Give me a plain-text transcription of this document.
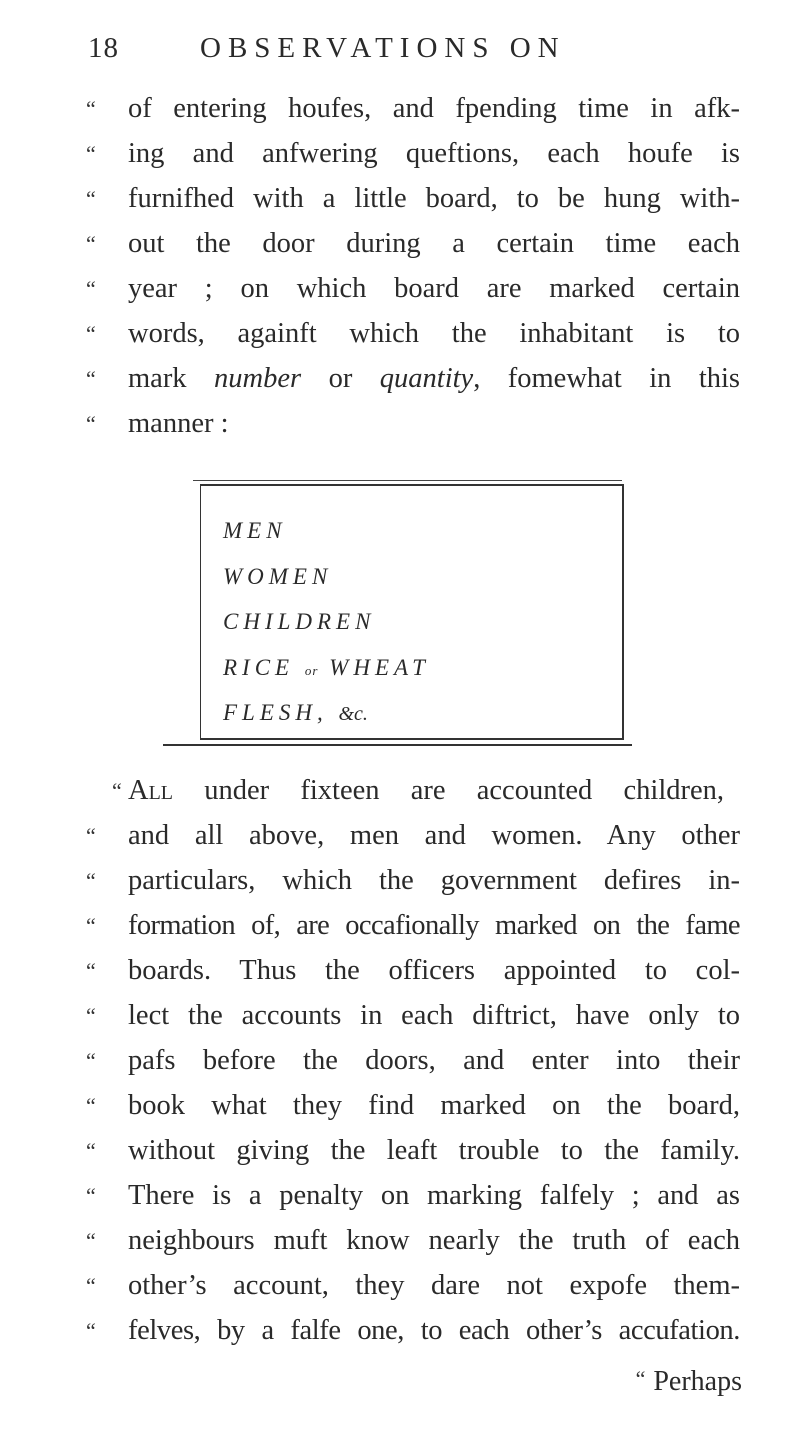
18	OBSERVATIONS ON
“ of entering houfes, and fpending time in afk-
“ ing and anfwering queftions, each houfe is
“ furnifhed with a little board, to be hung with-
“ out the door during a certain time each
“ year ; on which board are marked certain
“ words, againft which the inhabitant is to
“ mark number or quantity, fomewhat in this
“ manner :
MEN
WOMEN
CHILDREN
RICE or WHEAT
FLESH, &c.
“ All under fixteen are accounted children,
“ and all above, men and women. Any other
“ particulars, which the government defires in-
“ formation of, are occafionally marked on the fame
“ boards. Thus the officers appointed to col-
“ lect the accounts in each diftrict, have only to
“ pafs before the doors, and enter into their
“ book what they find marked on the board,
“ without giving the leaft trouble to the family.
“ There is a penalty on marking falfely ; and as
“ neighbours muft know nearly the truth of each
“ other’s account, they dare not expofe them-
“ felves, by a falfe one, to each other’s accufation.
“ Perhaps
